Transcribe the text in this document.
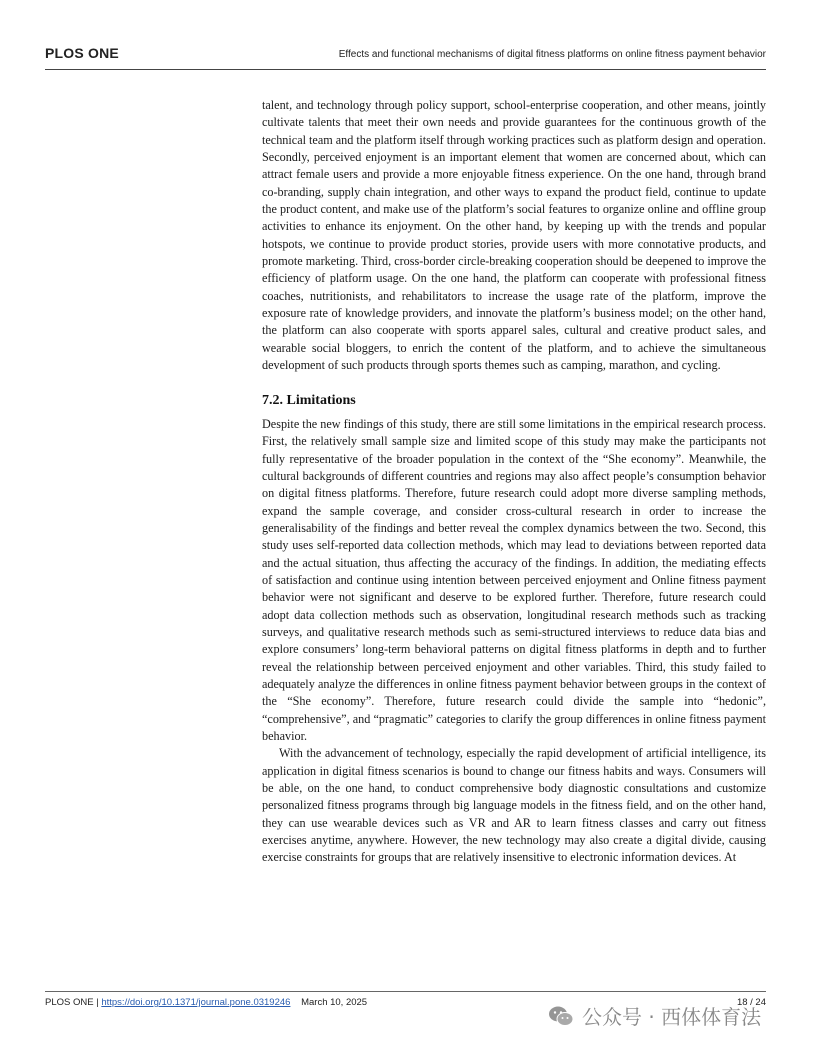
PLOS ONE	Effects and functional mechanisms of digital fitness platforms on online fitness payment behavior

talent, and technology through policy support, school-enterprise cooperation, and other means, jointly cultivate talents that meet their own needs and provide guarantees for the continuous growth of the technical team and the platform itself through working practices such as platform design and operation. Secondly, perceived enjoyment is an important element that women are concerned about, which can attract female users and provide a more enjoyable fitness experience. On the one hand, through brand co-branding, supply chain integration, and other ways to expand the product field, continue to update the product content, and make use of the platform’s social features to organize online and offline group activities to enhance its enjoyment. On the other hand, by keeping up with the trends and popular hotspots, we continue to provide product stories, provide users with more connotative products, and promote marketing. Third, cross-border circle-breaking cooperation should be deepened to improve the efficiency of platform usage. On the one hand, the platform can cooperate with professional fitness coaches, nutritionists, and rehabilitators to increase the usage rate of the platform, improve the exposure rate of knowledge providers, and innovate the platform’s business model; on the other hand, the platform can also cooperate with sports apparel sales, cultural and creative product sales, and wearable social bloggers, to enrich the content of the platform, and to achieve the simultaneous development of such products through sports themes such as camping, marathon, and cycling.

7.2. Limitations

Despite the new findings of this study, there are still some limitations in the empirical research process. First, the relatively small sample size and limited scope of this study may make the participants not fully representative of the broader population in the context of the “She economy”. Meanwhile, the cultural backgrounds of different countries and regions may also affect people’s consumption behavior on digital fitness platforms. Therefore, future research could adopt more diverse sampling methods, expand the sample coverage, and consider cross-cultural research in order to increase the generalisability of the findings and better reveal the complex dynamics between the two. Second, this study uses self-reported data collection methods, which may lead to deviations between reported data and the actual situation, thus affecting the accuracy of the findings. In addition, the mediating effects of satisfaction and continue using intention between perceived enjoyment and Online fitness payment behavior were not significant and deserve to be explored further. Therefore, future research could adopt data collection methods such as observation, longitudinal research methods such as tracking surveys, and qualitative research methods such as semi-structured interviews to reduce data bias and explore consumers’ long-term behavioral patterns on digital fitness platforms in depth and to further reveal the relationship between perceived enjoyment and other variables. Third, this study failed to adequately analyze the differences in online fitness payment behavior between groups in the context of the “She economy”. Therefore, future research could divide the sample into “hedonic”, “comprehensive”, and “pragmatic” categories to clarify the group differences in online fitness payment behavior.

With the advancement of technology, especially the rapid development of artificial intelligence, its application in digital fitness scenarios is bound to change our fitness habits and ways. Consumers will be able, on the one hand, to conduct comprehensive body diagnostic consultations and customize personalized fitness programs through big language models in the fitness field, and on the other hand, they can use wearable devices such as VR and AR to learn fitness classes and carry out fitness exercises anytime, anywhere. However, the new technology may also create a digital divide, causing exercise constraints for groups that are relatively insensitive to electronic information devices. At

PLOS ONE | https://doi.org/10.1371/journal.pone.0319246 March 10, 2025	18 / 24
公众号 · 西体体育法
